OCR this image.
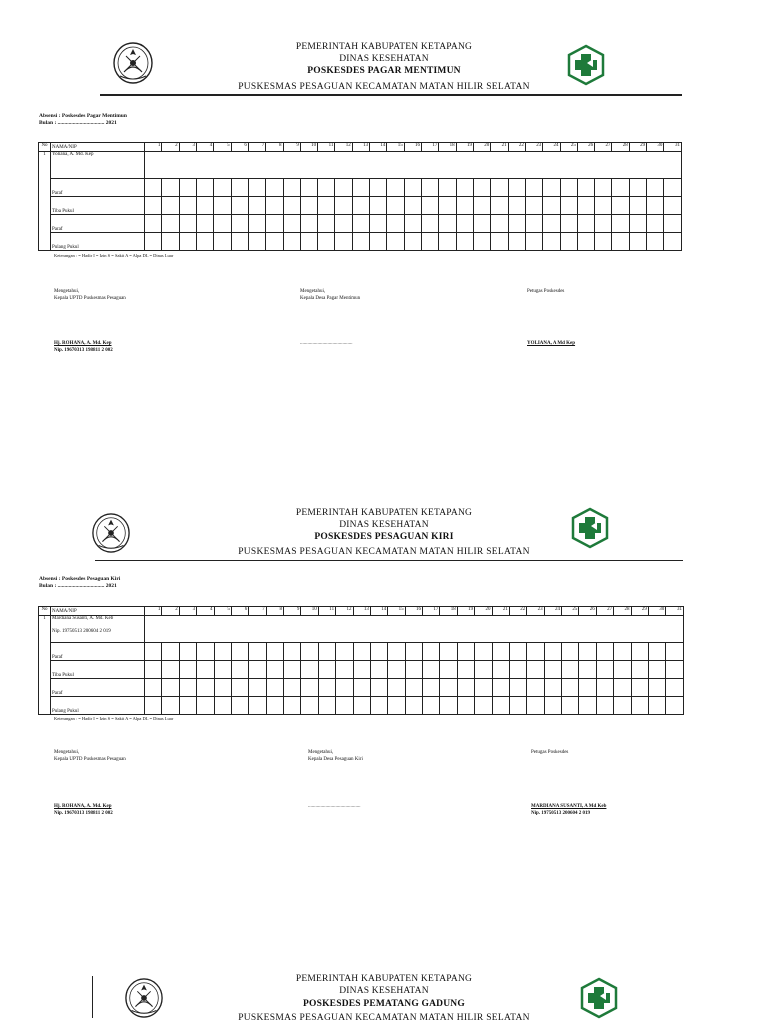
PEMERINTAH KABUPATEN KETAPANG
DINAS KESEHATAN
POSKESDES PAGAR MENTIMUN
PUSKESMAS PESAGUAN KECAMATAN MATAN HILIR SELATAN
Absensi : Poskesdes Pagar Mentimun
Bulan : .................................. 2021
No	NAMA/NIP	1	2	3	4	5	6	7	8	9	10	11	12	13	14	15	16	17	18	19	20	21	22	23	24	25	26	27	28	29	30	31
1	Yoliana, A. Md. Kep																															

	Paraf																															
	Tiba Pukul																															
	Paraf																															
	Pulang Pukul																															
Keterangan : = Hadir I = Izin S = Sakit A = Alpa DL = Dinas Luar
Mengetahui,
Kepala UPTD Puskesmas Pesaguan
Mengetahui,
Kepala Desa Pagar Mentimun
Petugas Poskesdes
Hj. ROHANA, A. Md. Kep
Nip. 19670313 198811 2 002
..........................................	YOLIANA, A Md Kep
PEMERINTAH KABUPATEN KETAPANG
DINAS KESEHATAN
POSKESDES PESAGUAN KIRI
PUSKESMAS PESAGUAN KECAMATAN MATAN HILIR SELATAN
Absensi : Poskesdes Pesaguan Kiri
Bulan : .................................. 2021
No	NAMA/NIP	1	2	3	4	5	6	7	8	9	10	11	12	13	14	15	16	17	18	19	20	21	22	23	24	25	26	27	28	29	30	31
1	Mardiana Susanti, A. Md. Keb
Nip. 19750513 200604 2 019																															

	Paraf																															
	Tiba Pukul																															
	Paraf																															
	Pulang Pukul																															
Keterangan : = Hadir I = Izin S = Sakit A = Alpa DL = Dinas Luar
Mengetahui,
Kepala UPTD Puskesmas Pesaguan
Mengetahui,
Kepala Desa Pesaguan Kiri
Petugas Poskesdes
Hj. ROHANA, A. Md. Kep
Nip. 19670313 198811 2 002
..........................................	MARDIANA SUSANTI, A Md Keb
Nip. 19750513 200604 2 019
PEMERINTAH KABUPATEN KETAPANG
DINAS KESEHATAN
POSKESDES PEMATANG GADUNG
PUSKESMAS PESAGUAN KECAMATAN MATAN HILIR SELATAN
